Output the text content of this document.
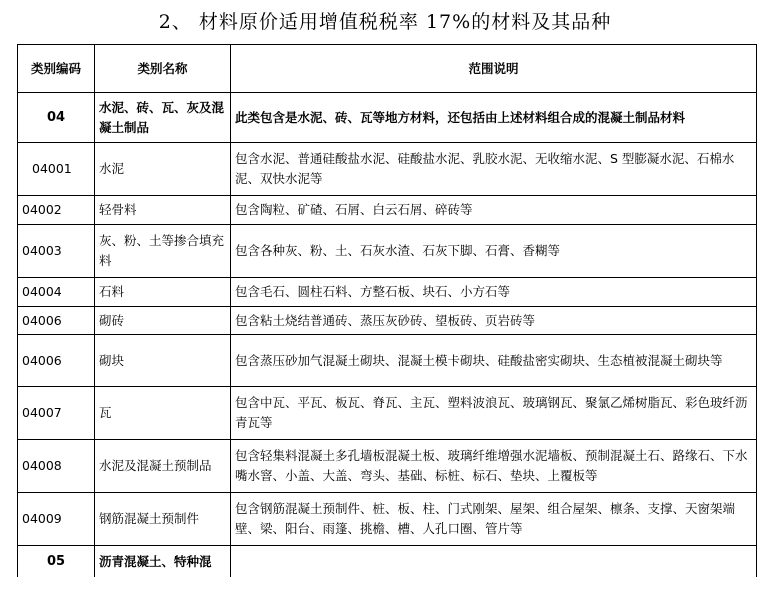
2、 材料原价适用增值税税率 17%的材料及其品种
类别编码	类别名称	范围说明
04	水泥、砖、瓦、灰及混凝土制品	此类包含是水泥、砖、瓦等地方材料，还包括由上述材料组合成的混凝土制品材料
04001	水泥	包含水泥、普通硅酸盐水泥、硅酸盐水泥、乳胶水泥、无收缩水泥、S 型膨凝水泥、石棉水泥、双快水泥等
04002	轻骨料	包含陶粒、矿碴、石屑、白云石屑、碎砖等
04003	灰、粉、土等掺合填充料	包含各种灰、粉、土、石灰水渣、石灰下脚、石膏、香糊等
04004	石料	包含毛石、圆柱石料、方整石板、块石、小方石等
04006	砌砖	包含粘土烧结普通砖、蒸压灰砂砖、望板砖、页岩砖等
04006	砌块	包含蒸压砂加气混凝土砌块、混凝土模卡砌块、硅酸盐密实砌块、生态植被混凝土砌块等
04007	瓦	包含中瓦、平瓦、板瓦、脊瓦、主瓦、塑料波浪瓦、玻璃钢瓦、聚氯乙烯树脂瓦、彩色玻纤沥青瓦等
04008	水泥及混凝土预制品	包含轻集料混凝土多孔墙板混凝土板、玻璃纤维增强水泥墙板、预制混凝土石、路缘石、下水嘴水窨、小盖、大盖、弯头、基础、标桩、标石、垫块、上覆板等
04009	钢筋混凝土预制件	包含钢筋混凝土预制件、桩、板、柱、门式刚架、屋架、组合屋架、檩条、支撑、天窗架端壁、梁、阳台、雨篷、挑檐、槽、人孔口圈、管片等
05	沥青混凝土、特种混	
